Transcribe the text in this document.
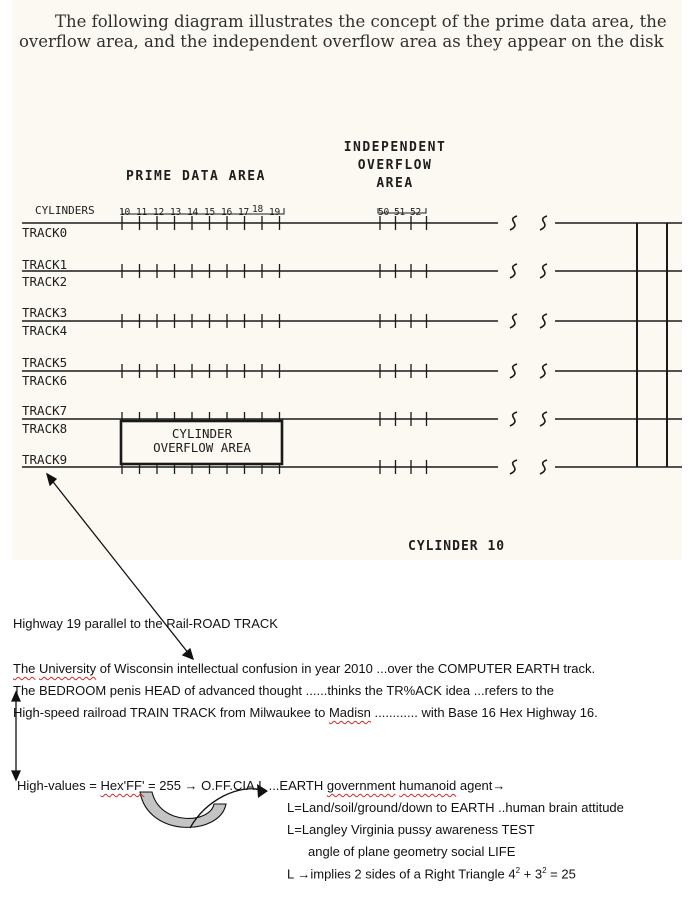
The following diagram illustrates the concept of the prime data area, the
overflow area, and the independent overflow area as they appear on the disk
PRIME DATA AREA
INDEPENDENT
OVERFLOW
AREA
CYLINDERS	10 11 12 13 14 15 16 17 18 19	50 51 52
TRACK0
TRACK1
TRACK2
TRACK3
TRACK4
TRACK5
TRACK6
TRACK7
TRACK8
TRACK9
CYLINDER
OVERFLOW AREA
CYLINDER 10
Highway 19 parallel to the Rail-ROAD TRACK
The University of Wisconsin intellectual confusion in year 2010 ...over the COMPUTER EARTH track.
The BEDROOM penis HEAD of advanced thought ......thinks the TR%ACK idea ...refers to the
High-speed railroad TRAIN TRACK from Milwaukee to Madisn ............ with Base 16 Hex Highway 16.
High-values = Hex'FF' = 255 → O.FF.CIA.L ...EARTH government humanoid agent→
L=Land/soil/ground/down to EARTH ..human brain attitude
L=Langley Virginia pussy awareness TEST
angle of plane geometry social LIFE
L →implies 2 sides of a Right Triangle $4^2 + 3^2 = 25$
